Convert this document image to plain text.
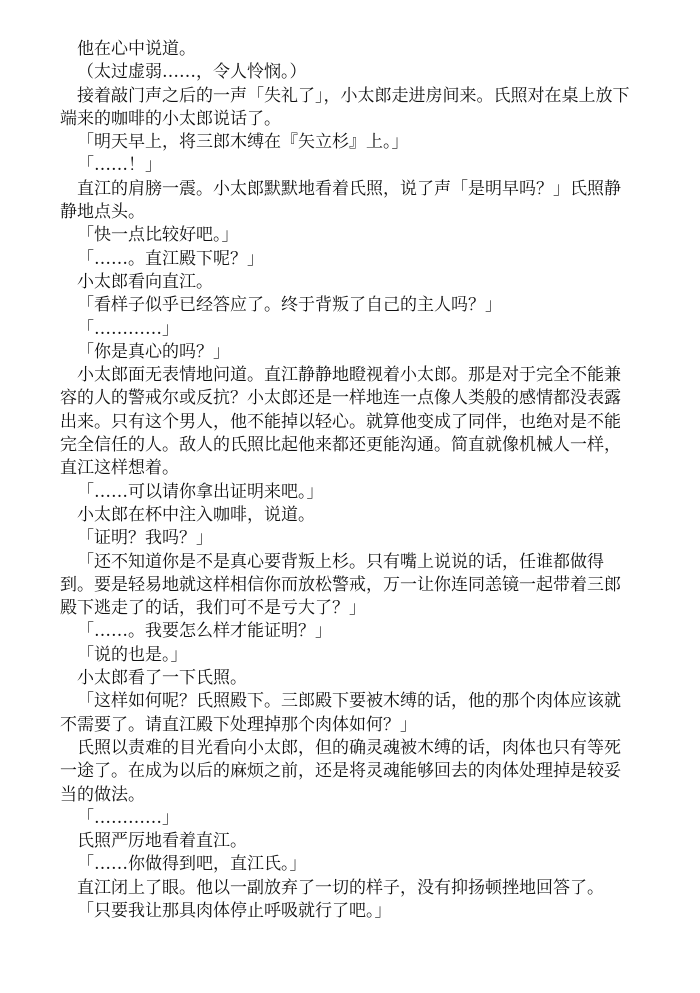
他在心中说道。

（太过虚弱……，令人怜悯。）

接着敲门声之后的一声「失礼了」，小太郎走进房间来。氏照对在桌上放下端来的咖啡的小太郎说话了。

「明天早上，将三郎木缚在『矢立杉』上。」

「……！」

直江的肩膀一震。小太郎默默地看着氏照，说了声「是明早吗？」氏照静静地点头。

「快一点比较好吧。」

「……。直江殿下呢？」

小太郎看向直江。

「看样子似乎已经答应了。终于背叛了自己的主人吗？」

「…………」

「你是真心的吗？」

小太郎面无表情地问道。直江静静地瞪视着小太郎。那是对于完全不能兼容的人的警戒尔或反抗？小太郎还是一样地连一点像人类般的感情都没表露出来。只有这个男人，他不能掉以轻心。就算他变成了同伴，也绝对是不能完全信任的人。敌人的氏照比起他来都还更能沟通。简直就像机械人一样，直江这样想着。

「……可以请你拿出证明来吧。」

小太郎在杯中注入咖啡，说道。

「证明？我吗？」

「还不知道你是不是真心要背叛上杉。只有嘴上说说的话，任谁都做得到。要是轻易地就这样相信你而放松警戒，万一让你连同恙镜一起带着三郎殿下逃走了的话，我们可不是亏大了？」

「……。我要怎么样才能证明？」

「说的也是。」

小太郎看了一下氏照。

「这样如何呢？氏照殿下。三郎殿下要被木缚的话，他的那个肉体应该就不需要了。请直江殿下处理掉那个肉体如何？」

氏照以责难的目光看向小太郎，但的确灵魂被木缚的话，肉体也只有等死一途了。在成为以后的麻烦之前，还是将灵魂能够回去的肉体处理掉是较妥当的做法。

「…………」

氏照严厉地看着直江。

「……你做得到吧，直江氏。」

直江闭上了眼。他以一副放弃了一切的样子，没有抑扬顿挫地回答了。

「只要我让那具肉体停止呼吸就行了吧。」
